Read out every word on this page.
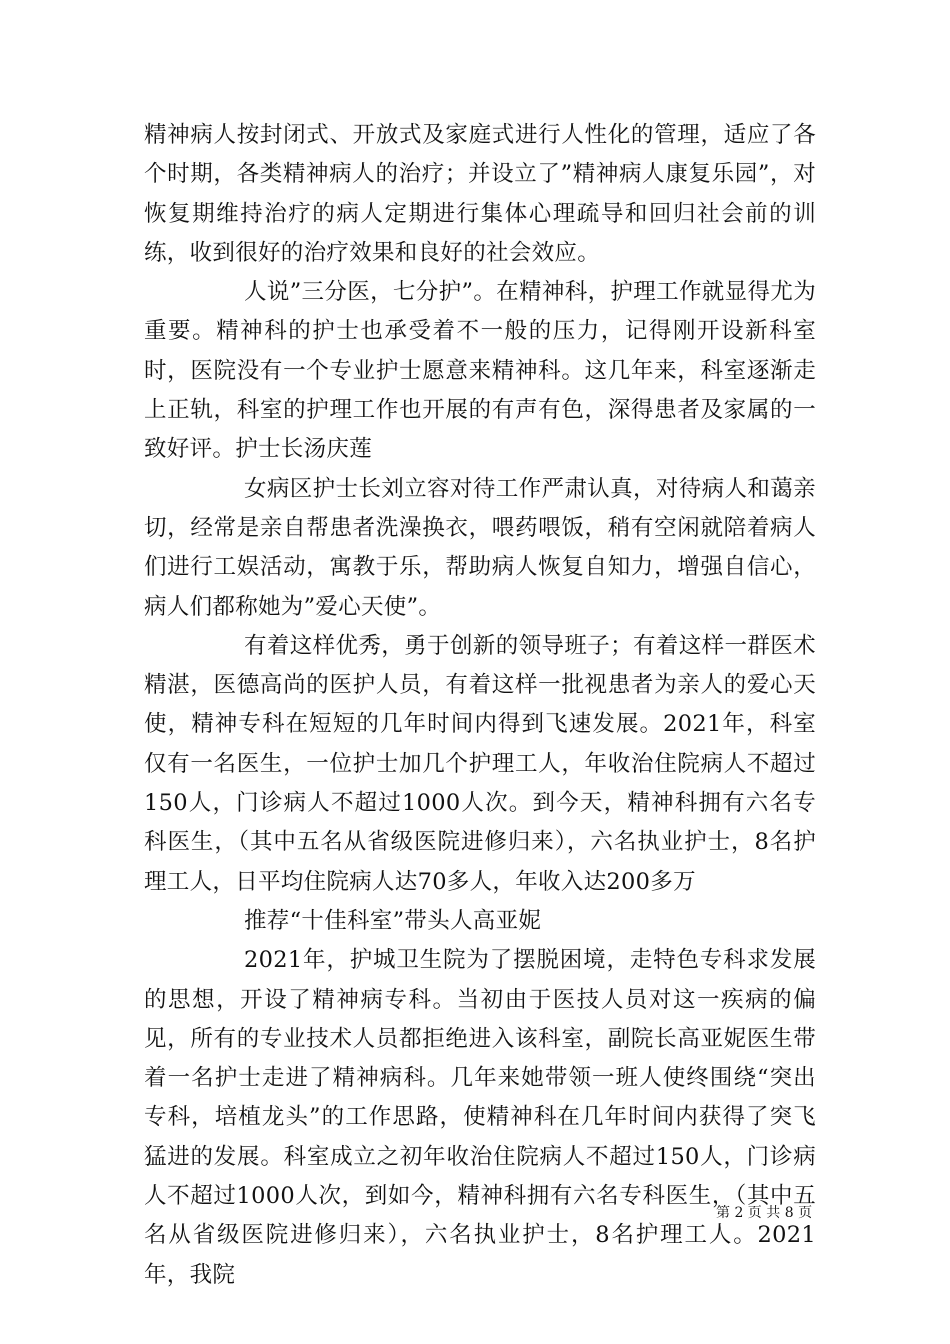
精神病人按封闭式、开放式及家庭式进行人性化的管理，适应了各个时期，各类精神病人的治疗；并设立了”精神病人康复乐园”，对恢复期维持治疗的病人定期进行集体心理疏导和回归社会前的训练，收到很好的治疗效果和良好的社会效应。

人说”三分医，七分护”。在精神科，护理工作就显得尤为重要。精神科的护士也承受着不一般的压力，记得刚开设新科室时，医院没有一个专业护士愿意来精神科。这几年来，科室逐渐走上正轨，科室的护理工作也开展的有声有色，深得患者及家属的一致好评。护士长汤庆莲

女病区护士长刘立容对待工作严肃认真，对待病人和蔼亲切，经常是亲自帮患者洗澡换衣，喂药喂饭，稍有空闲就陪着病人们进行工娱活动，寓教于乐，帮助病人恢复自知力，增强自信心，病人们都称她为”爱心天使”。

有着这样优秀，勇于创新的领导班子；有着这样一群医术精湛，医德高尚的医护人员，有着这样一批视患者为亲人的爱心天使，精神专科在短短的几年时间内得到飞速发展。2021年，科室仅有一名医生，一位护士加几个护理工人，年收治住院病人不超过150人，门诊病人不超过1000人次。到今天，精神科拥有六名专科医生，（其中五名从省级医院进修归来），六名执业护士，8名护理工人，日平均住院病人达70多人，年收入达200多万

推荐“十佳科室”带头人高亚妮

2021年，护城卫生院为了摆脱困境，走特色专科求发展的思想，开设了精神病专科。当初由于医技人员对这一疾病的偏见，所有的专业技术人员都拒绝进入该科室，副院长高亚妮医生带着一名护士走进了精神病科。几年来她带领一班人使终围绕“突出专科，培植龙头”的工作思路，使精神科在几年时间内获得了突飞猛进的发展。科室成立之初年收治住院病人不超过150人，门诊病人不超过1000人次，到如今，精神科拥有六名专科医生，（其中五名从省级医院进修归来），六名执业护士，8名护理工人。2021年，我院

第 2 页 共 8 页
